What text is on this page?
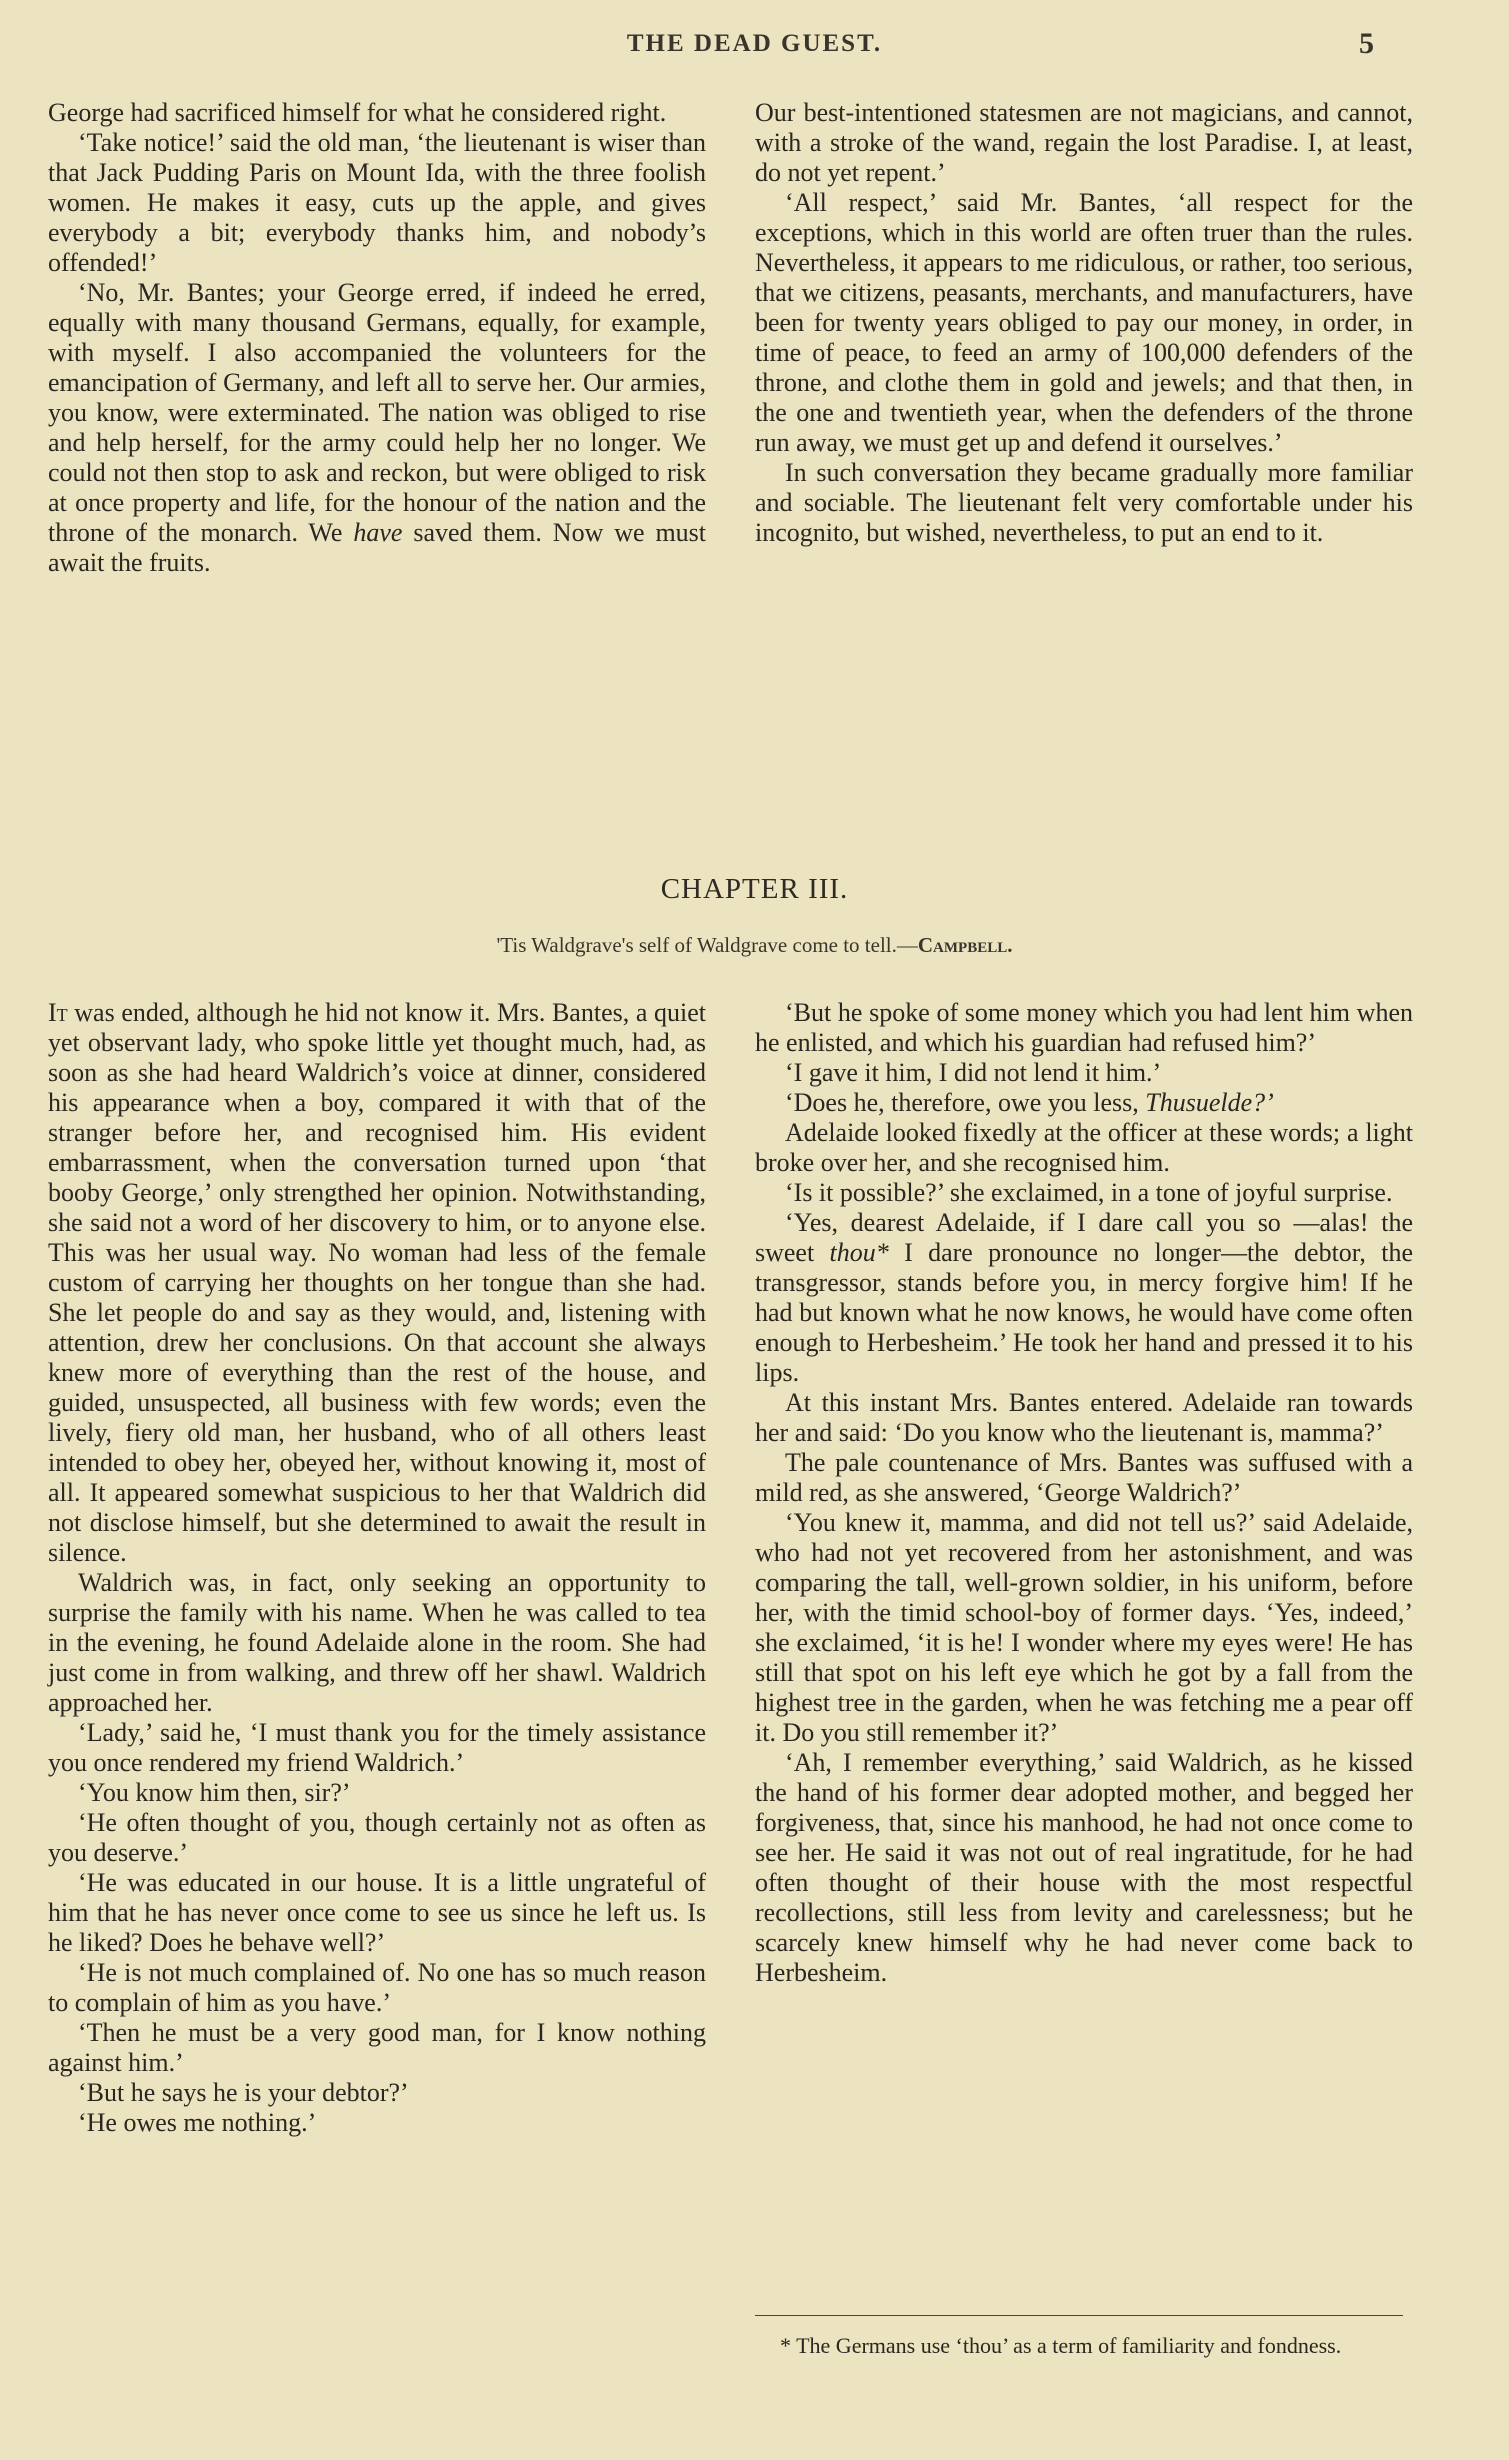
THE DEAD GUEST.	5

George had sacrificed himself for what he considered right.

‘Take notice!’ said the old man, ‘the lieutenant is wiser than that Jack Pudding Paris on Mount Ida, with the three foolish women. He makes it easy, cuts up the apple, and gives everybody a bit; everybody thanks him, and nobody’s offended!’

‘No, Mr. Bantes; your George erred, if indeed he erred, equally with many thousand Germans, equally, for example, with myself. I also accompanied the volunteers for the emancipation of Germany, and left all to serve her. Our armies, you know, were exterminated. The nation was obliged to rise and help herself, for the army could help her no longer. We could not then stop to ask and reckon, but were obliged to risk at once property and life, for the honour of the nation and the throne of the monarch. We have saved them. Now we must await the fruits.

Our best-intentioned statesmen are not magicians, and cannot, with a stroke of the wand, regain the lost Paradise. I, at least, do not yet repent.’

‘All respect,’ said Mr. Bantes, ‘all respect for the exceptions, which in this world are often truer than the rules. Nevertheless, it appears to me ridiculous, or rather, too serious, that we citizens, peasants, merchants, and manufacturers, have been for twenty years obliged to pay our money, in order, in time of peace, to feed an army of 100,000 defenders of the throne, and clothe them in gold and jewels; and that then, in the one and twentieth year, when the defenders of the throne run away, we must get up and defend it ourselves.’

In such conversation they became gradually more familiar and sociable. The lieutenant felt very comfortable under his incognito, but wished, nevertheless, to put an end to it.

CHAPTER III.
'Tis Waldgrave's self of Waldgrave come to tell.—Campbell.

It was ended, although he hid not know it. Mrs. Bantes, a quiet yet observant lady, who spoke little yet thought much, had, as soon as she had heard Waldrich’s voice at dinner, considered his appearance when a boy, compared it with that of the stranger before her, and recognised him. His evident embarrassment, when the conversation turned upon ‘that booby George,’ only strengthed her opinion. Notwithstanding, she said not a word of her discovery to him, or to anyone else. This was her usual way. No woman had less of the female custom of carrying her thoughts on her tongue than she had. She let people do and say as they would, and, listening with attention, drew her conclusions. On that account she always knew more of everything than the rest of the house, and guided, unsuspected, all business with few words; even the lively, fiery old man, her husband, who of all others least intended to obey her, obeyed her, without knowing it, most of all. It appeared somewhat suspicious to her that Waldrich did not disclose himself, but she determined to await the result in silence.

Waldrich was, in fact, only seeking an opportunity to surprise the family with his name. When he was called to tea in the evening, he found Adelaide alone in the room. She had just come in from walking, and threw off her shawl. Waldrich approached her.

‘Lady,’ said he, ‘I must thank you for the timely assistance you once rendered my friend Waldrich.’

‘You know him then, sir?’

‘He often thought of you, though certainly not as often as you deserve.’

‘He was educated in our house. It is a little ungrateful of him that he has never once come to see us since he left us. Is he liked? Does he behave well?’

‘He is not much complained of. No one has so much reason to complain of him as you have.’

‘Then he must be a very good man, for I know nothing against him.’

‘But he says he is your debtor?’

‘He owes me nothing.’

‘But he spoke of some money which you had lent him when he enlisted, and which his guardian had refused him?’

‘I gave it him, I did not lend it him.’

‘Does he, therefore, owe you less, Thusuelde?’

Adelaide looked fixedly at the officer at these words; a light broke over her, and she recognised him.

‘Is it possible?’ she exclaimed, in a tone of joyful surprise.

‘Yes, dearest Adelaide, if I dare call you so —alas! the sweet thou* I dare pronounce no longer—the debtor, the transgressor, stands before you, in mercy forgive him! If he had but known what he now knows, he would have come often enough to Herbesheim.’ He took her hand and pressed it to his lips.

At this instant Mrs. Bantes entered. Adelaide ran towards her and said: ‘Do you know who the lieutenant is, mamma?’

The pale countenance of Mrs. Bantes was suffused with a mild red, as she answered, ‘George Waldrich?’

‘You knew it, mamma, and did not tell us?’ said Adelaide, who had not yet recovered from her astonishment, and was comparing the tall, well-grown soldier, in his uniform, before her, with the timid school-boy of former days. ‘Yes, indeed,’ she exclaimed, ‘it is he! I wonder where my eyes were! He has still that spot on his left eye which he got by a fall from the highest tree in the garden, when he was fetching me a pear off it. Do you still remember it?’

‘Ah, I remember everything,’ said Waldrich, as he kissed the hand of his former dear adopted mother, and begged her forgiveness, that, since his manhood, he had not once come to see her. He said it was not out of real ingratitude, for he had often thought of their house with the most respectful recollections, still less from levity and carelessness; but he scarcely knew himself why he had never come back to Herbesheim.

* The Germans use ‘thou’ as a term of familiarity and fondness.
